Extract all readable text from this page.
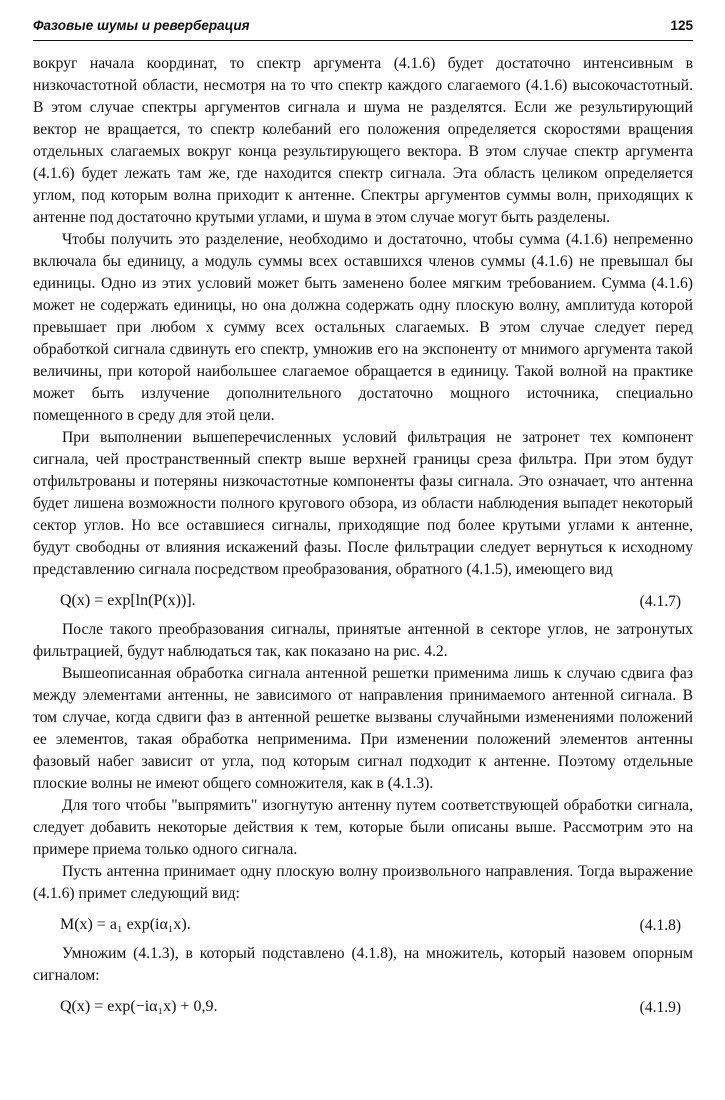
Фазовые шумы и реверберация	125

вокруг начала координат, то спектр аргумента (4.1.6) будет достаточно интенсивным в низкочастотной области, несмотря на то что спектр каждого слагаемого (4.1.6) высокочастотный. В этом случае спектры аргументов сигнала и шума не разделятся. Если же результирующий вектор не вращается, то спектр колебаний его положения определяется скоростями вращения отдельных слагаемых вокруг конца результирующего вектора. В этом случае спектр аргумента (4.1.6) будет лежать там же, где находится спектр сигнала. Эта область целиком определяется углом, под которым волна приходит к антенне. Спектры аргументов суммы волн, приходящих к антенне под достаточно крутыми углами, и шума в этом случае могут быть разделены.

Чтобы получить это разделение, необходимо и достаточно, чтобы сумма (4.1.6) непременно включала бы единицу, а модуль суммы всех оставшихся членов суммы (4.1.6) не превышал бы единицы. Одно из этих условий может быть заменено более мягким требованием. Сумма (4.1.6) может не содержать единицы, но она должна содержать одну плоскую волну, амплитуда которой превышает при любом x сумму всех остальных слагаемых. В этом случае следует перед обработкой сигнала сдвинуть его спектр, умножив его на экспоненту от мнимого аргумента такой величины, при которой наибольшее слагаемое обращается в единицу. Такой волной на практике может быть излучение дополнительного достаточно мощного источника, специально помещенного в среду для этой цели.

При выполнении вышеперечисленных условий фильтрация не затронет тех компонент сигнала, чей пространственный спектр выше верхней границы среза фильтра. При этом будут отфильтрованы и потеряны низкочастотные компоненты фазы сигнала. Это означает, что антенна будет лишена возможности полного кругового обзора, из области наблюдения выпадет некоторый сектор углов. Но все оставшиеся сигналы, приходящие под более крутыми углами к антенне, будут свободны от влияния искажений фазы. После фильтрации следует вернуться к исходному представлению сигнала посредством преобразования, обратного (4.1.5), имеющего вид

Q(x) = exp[ln(P(x))].	(4.1.7)

После такого преобразования сигналы, принятые антенной в секторе углов, не затронутых фильтрацией, будут наблюдаться так, как показано на рис. 4.2.

Вышеописанная обработка сигнала антенной решетки применима лишь к случаю сдвига фаз между элементами антенны, не зависимого от направления принимаемого антенной сигнала. В том случае, когда сдвиги фаз в антенной решетке вызваны случайными изменениями положений ее элементов, такая обработка неприменима. При изменении положений элементов антенны фазовый набег зависит от угла, под которым сигнал подходит к антенне. Поэтому отдельные плоские волны не имеют общего сомножителя, как в (4.1.3).

Для того чтобы "выпрямить" изогнутую антенну путем соответствующей обработки сигнала, следует добавить некоторые действия к тем, которые были описаны выше. Рассмотрим это на примере приема только одного сигнала.

Пусть антенна принимает одну плоскую волну произвольного направления. Тогда выражение (4.1.6) примет следующий вид:

M(x) = a₁ exp(iα₁x).	(4.1.8)

Умножим (4.1.3), в который подставлено (4.1.8), на множитель, который назовем опорным сигналом:

Q(x) = exp(−iα₁x) + 0,9.	(4.1.9)
